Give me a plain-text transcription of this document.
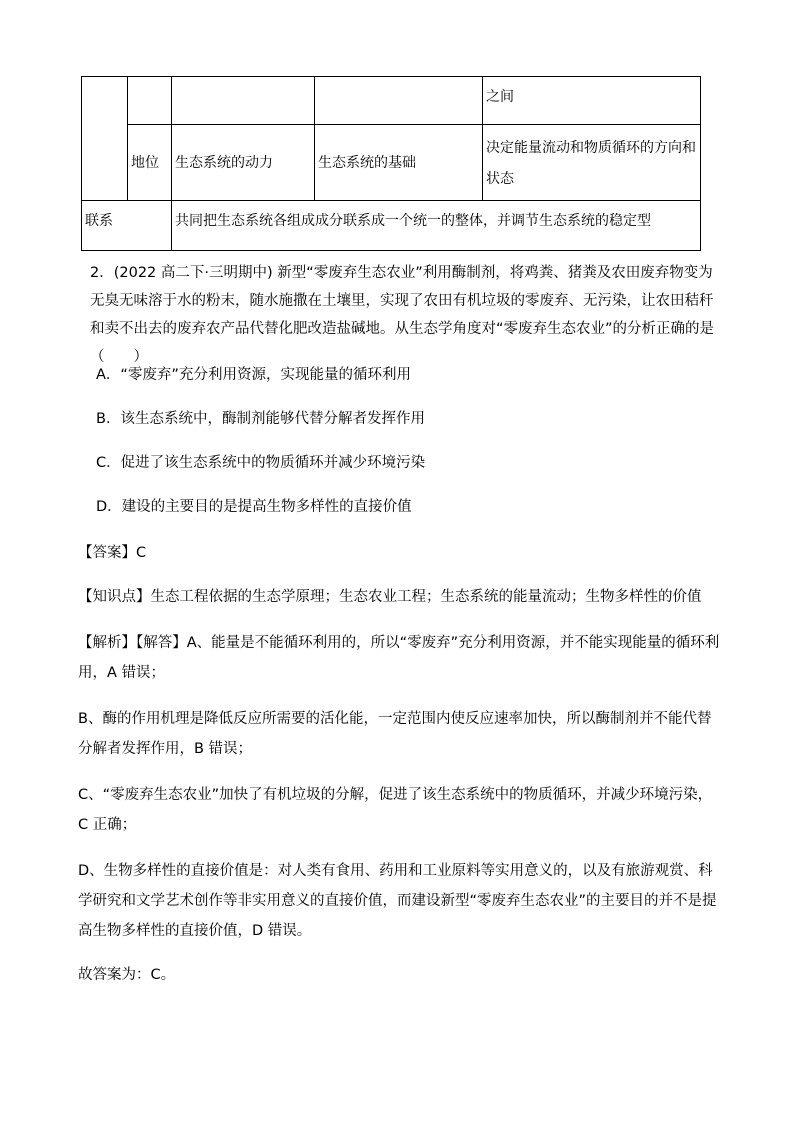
				之间
	地位	生态系统的动力	生态系统的基础	决定能量流动和物质循环的方向和状态
联系		共同把生态系统各组成成分联系成一个统一的整体，并调节生态系统的稳定型		
2．(2022 高二下·三明期中) 新型“零废弃生态农业”利用酶制剂，将鸡粪、猪粪及农田废弃物变为无臭无味溶于水的粉末，随水施撒在土壤里，实现了农田有机垃圾的零废弃、无污染，让农田秸秆和卖不出去的废弃农产品代替化肥改造盐碱地。从生态学角度对“零废弃生态农业”的分析正确的是（　　）
A．“零废弃”充分利用资源，实现能量的循环利用
B．该生态系统中，酶制剂能够代替分解者发挥作用
C．促进了该生态系统中的物质循环并减少环境污染
D．建设的主要目的是提高生物多样性的直接价值
【答案】C
【知识点】生态工程依据的生态学原理；生态农业工程；生态系统的能量流动；生物多样性的价值
【解析】【解答】A、能量是不能循环利用的，所以“零废弃”充分利用资源，并不能实现能量的循环利用，A 错误；
B、酶的作用机理是降低反应所需要的活化能，一定范围内使反应速率加快，所以酶制剂并不能代替分解者发挥作用，B 错误；
C、“零废弃生态农业”加快了有机垃圾的分解，促进了该生态系统中的物质循环，并减少环境污染，C 正确；
D、生物多样性的直接价值是：对人类有食用、药用和工业原料等实用意义的，以及有旅游观赏、科学研究和文学艺术创作等非实用意义的直接价值，而建设新型“零废弃生态农业”的主要目的并不是提高生物多样性的直接价值，D 错误。
故答案为：C。
